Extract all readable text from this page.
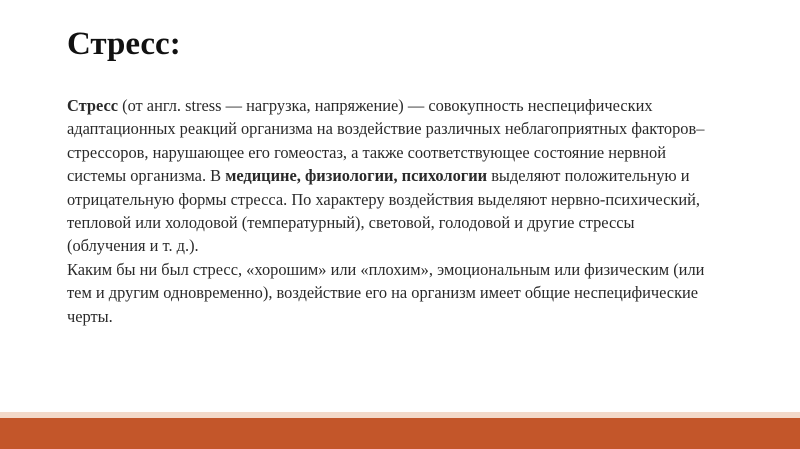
Стресс:

Стресс (от англ. stress — нагрузка, напряжение) — совокупность неспецифических адаптационных реакций организма на воздействие различных неблагоприятных факторов–стрессоров, нарушающее его гомеостаз, а также соответствующее состояние нервной системы организма. В медицине, физиологии, психологии выделяют положительную и отрицательную формы стресса. По характеру воздействия выделяют нервно-психический, тепловой или холодовой (температурный), световой, голодовой и другие стрессы (облучения и т. д.).

Каким бы ни был стресс, «хорошим» или «плохим», эмоциональным или физическим (или тем и другим одновременно), воздействие его на организм имеет общие неспецифические черты.
